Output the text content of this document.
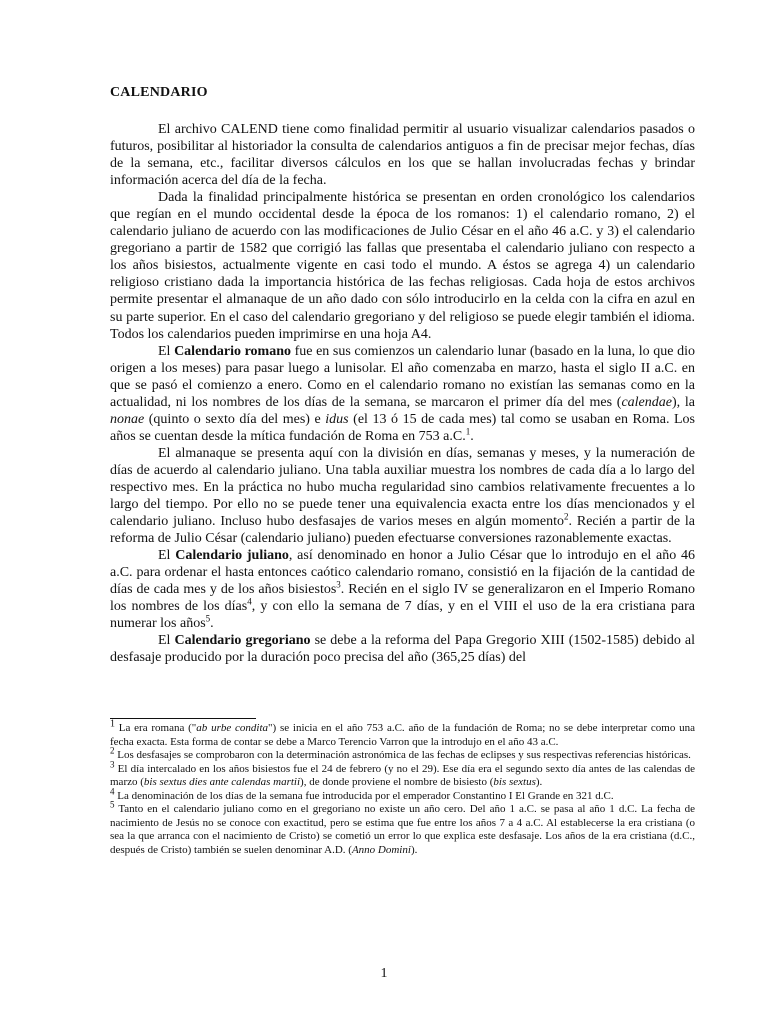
CALENDARIO

El archivo CALEND tiene como finalidad permitir al usuario visualizar calendarios pasados o futuros, posibilitar al historiador la consulta de calendarios antiguos a fin de precisar mejor fechas, días de la semana, etc., facilitar diversos cálculos en los que se hallan involucradas fechas y brindar información acerca del día de la fecha.

Dada la finalidad principalmente histórica se presentan en orden cronológico los calendarios que regían en el mundo occidental desde la época de los romanos: 1) el calendario romano, 2) el calendario juliano de acuerdo con las modificaciones de Julio César en el año 46 a.C. y 3) el calendario gregoriano a partir de 1582 que corrigió las fallas que presentaba el calendario juliano con respecto a los años bisiestos, actualmente vigente en casi todo el mundo. A éstos se agrega 4) un calendario religioso cristiano dada la importancia histórica de las fechas religiosas. Cada hoja de estos archivos permite presentar el almanaque de un año dado con sólo introducirlo en la celda con la cifra en azul en su parte superior. En el caso del calendario gregoriano y del religioso se puede elegir también el idioma. Todos los calendarios pueden imprimirse en una hoja A4.

El Calendario romano fue en sus comienzos un calendario lunar (basado en la luna, lo que dio origen a los meses) para pasar luego a lunisolar. El año comenzaba en marzo, hasta el siglo II a.C. en que se pasó el comienzo a enero. Como en el calendario romano no existían las semanas como en la actualidad, ni los nombres de los días de la semana, se marcaron el primer día del mes (calendae), la nonae (quinto o sexto día del mes) e idus (el 13 ó 15 de cada mes) tal como se usaban en Roma. Los años se cuentan desde la mítica fundación de Roma en 753 a.C.$^1$.

El almanaque se presenta aquí con la división en días, semanas y meses, y la numeración de días de acuerdo al calendario juliano. Una tabla auxiliar muestra los nombres de cada día a lo largo del respectivo mes. En la práctica no hubo mucha regularidad sino cambios relativamente frecuentes a lo largo del tiempo. Por ello no se puede tener una equivalencia exacta entre los días mencionados y el calendario juliano. Incluso hubo desfasajes de varios meses en algún momento$^2$. Recién a partir de la reforma de Julio César (calendario juliano) pueden efectuarse conversiones razonablemente exactas.

El Calendario juliano, así denominado en honor a Julio César que lo introdujo en el año 46 a.C. para ordenar el hasta entonces caótico calendario romano, consistió en la fijación de la cantidad de días de cada mes y de los años bisiestos$^3$. Recién en el siglo IV se generalizaron en el Imperio Romano los nombres de los días$^4$, y con ello la semana de 7 días, y en el VIII el uso de la era cristiana para numerar los años$^5$.

El Calendario gregoriano se debe a la reforma del Papa Gregorio XIII (1502-1585) debido al desfasaje producido por la duración poco precisa del año (365,25 días) del

$^1$ La era romana ("ab urbe condita") se inicia en el año 753 a.C. año de la fundación de Roma; no se debe interpretar como una fecha exacta. Esta forma de contar se debe a Marco Terencio Varron que la introdujo en el año 43 a.C.

$^2$ Los desfasajes se comprobaron con la determinación astronómica de las fechas de eclipses y sus respectivas referencias históricas.

$^3$ El día intercalado en los años bisiestos fue el 24 de febrero (y no el 29). Ese día era el segundo sexto día antes de las calendas de marzo (bis sextus dies ante calendas martii), de donde proviene el nombre de bisiesto (bis sextus).

$^4$ La denominación de los días de la semana fue introducida por el emperador Constantino I El Grande en 321 d.C.

$^5$ Tanto en el calendario juliano como en el gregoriano no existe un año cero. Del año 1 a.C. se pasa al año 1 d.C. La fecha de nacimiento de Jesús no se conoce con exactitud, pero se estima que fue entre los años 7 a 4 a.C. Al establecerse la era cristiana (o sea la que arranca con el nacimiento de Cristo) se cometió un error lo que explica este desfasaje. Los años de la era cristiana (d.C., después de Cristo) también se suelen denominar A.D. (Anno Domini).

1
